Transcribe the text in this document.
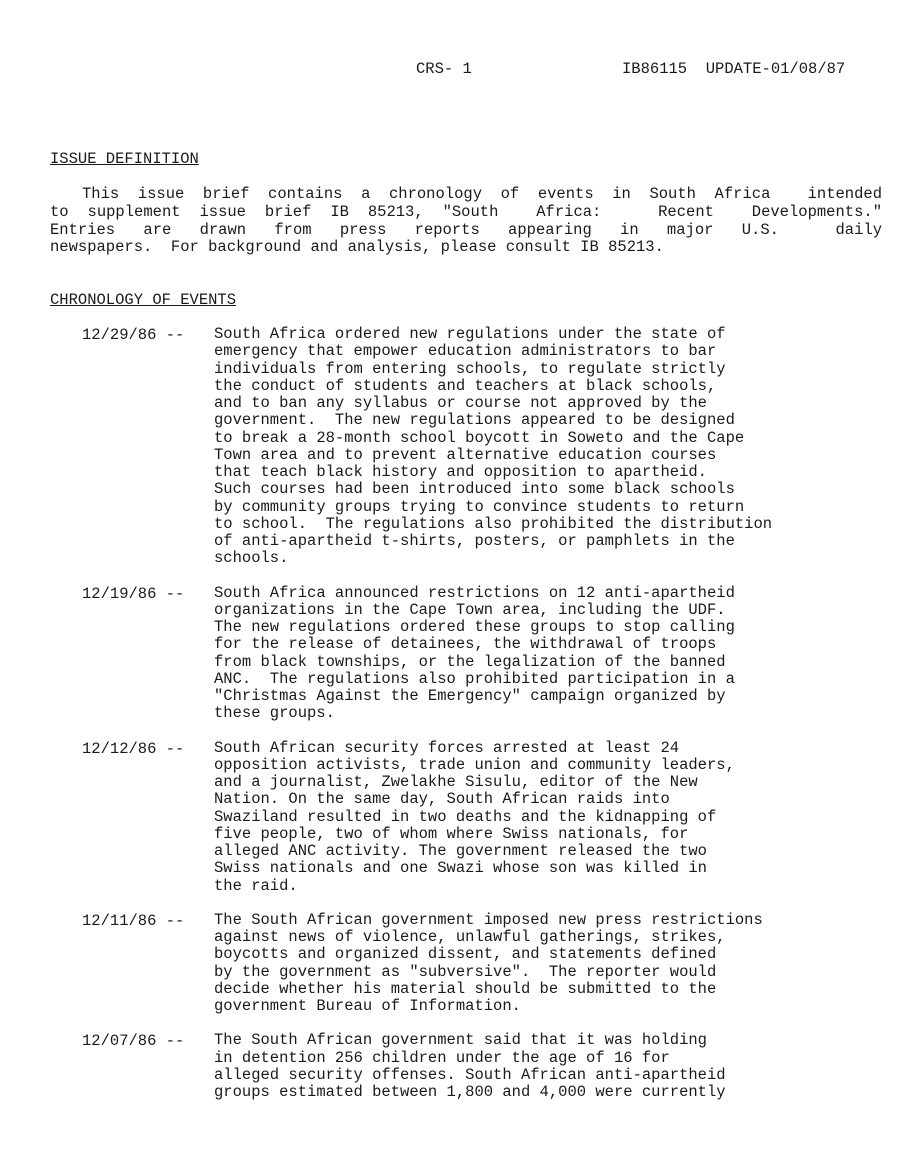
CRS- 1	IB86115  UPDATE-01/08/87
ISSUE DEFINITION
This issue brief contains a chronology of events in South Africa  intended
to supplement issue brief IB 85213, "South  Africa:   Recent  Developments."
Entries are drawn from press reports appearing in major U.S.  daily
newspapers.  For background and analysis, please consult IB 85213.
CHRONOLOGY OF EVENTS
12/29/86 -- South Africa ordered new regulations under the state of
emergency that empower education administrators to bar
individuals from entering schools, to regulate strictly
the conduct of students and teachers at black schools,
and to ban any syllabus or course not approved by the
government.  The new regulations appeared to be designed
to break a 28-month school boycott in Soweto and the Cape
Town area and to prevent alternative education courses
that teach black history and opposition to apartheid.
Such courses had been introduced into some black schools
by community groups trying to convince students to return
to school.  The regulations also prohibited the distribution
of anti-apartheid t-shirts, posters, or pamphlets in the
schools.
12/19/86 -- South Africa announced restrictions on 12 anti-apartheid
organizations in the Cape Town area, including the UDF.
The new regulations ordered these groups to stop calling
for the release of detainees, the withdrawal of troops
from black townships, or the legalization of the banned
ANC.  The regulations also prohibited participation in a
"Christmas Against the Emergency" campaign organized by
these groups.
12/12/86 -- South African security forces arrested at least 24
opposition activists, trade union and community leaders,
and a journalist, Zwelakhe Sisulu, editor of the New
Nation. On the same day, South African raids into
Swaziland resulted in two deaths and the kidnapping of
five people, two of whom where Swiss nationals, for
alleged ANC activity. The government released the two
Swiss nationals and one Swazi whose son was killed in
the raid.
12/11/86 -- The South African government imposed new press restrictions
against news of violence, unlawful gatherings, strikes,
boycotts and organized dissent, and statements defined
by the government as "subversive".  The reporter would
decide whether his material should be submitted to the
government Bureau of Information.
12/07/86 -- The South African government said that it was holding
in detention 256 children under the age of 16 for
alleged security offenses. South African anti-apartheid
groups estimated between 1,800 and 4,000 were currently
